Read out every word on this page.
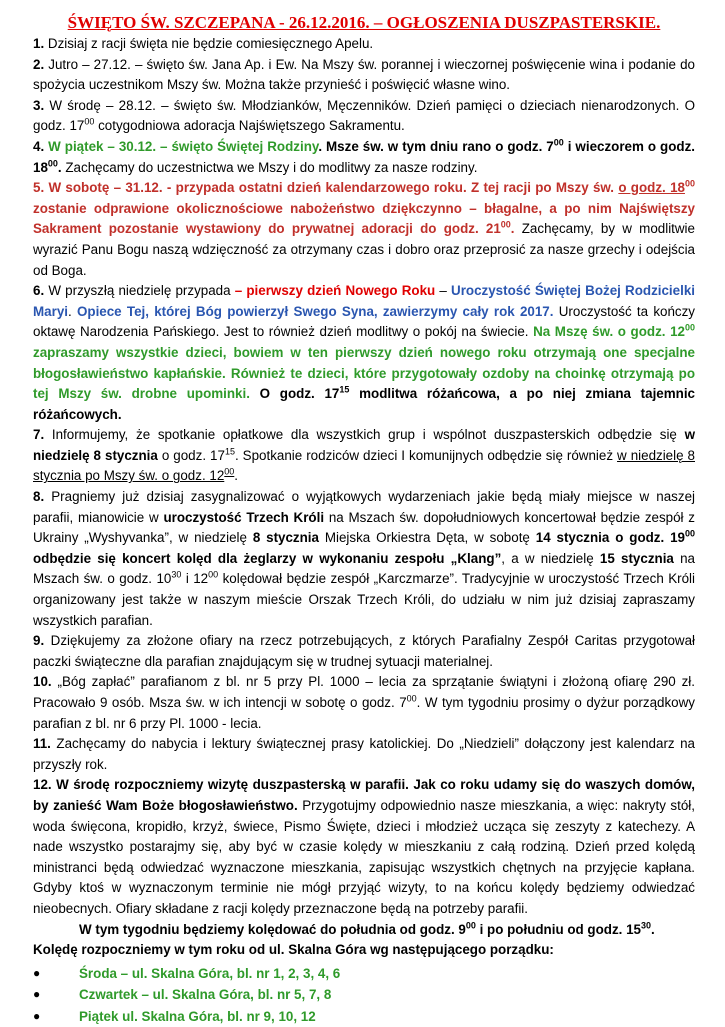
ŚWIĘTO ŚW. SZCZEPANA - 26.12.2016. – OGŁOSZENIA DUSZPASTERSKIE.

1. Dzisiaj z racji święta nie będzie comiesięcznego Apelu.

2. Jutro – 27.12. – święto św. Jana Ap. i Ew. Na Mszy św. porannej i wieczornej poświęcenie wina i podanie do spożycia uczestnikom Mszy św. Można także przynieść i poświęcić własne wino.

3. W środę – 28.12. – święto św. Młodzianków, Męczenników. Dzień pamięci o dzieciach nienarodzonych. O godz. $17^{00}$ cotygodniowa adoracja Najświętszego Sakramentu.

4. W piątek – 30.12. – święto Świętej Rodziny. Msze św. w tym dniu rano o godz. $7^{00}$ i wieczorem o godz. $18^{00}$. Zachęcamy do uczestnictwa we Mszy i do modlitwy za nasze rodziny.

5. W sobotę – 31.12. - przypada ostatni dzień kalendarzowego roku. Z tej racji po Mszy św. o godz. $18^{00}$ zostanie odprawione okolicznościowe nabożeństwo dziękczynno – błagalne, a po nim Najświętszy Sakrament pozostanie wystawiony do prywatnej adoracji do godz. $21^{00}$. Zachęcamy, by w modlitwie wyrazić Panu Bogu naszą wdzięczność za otrzymany czas i dobro oraz przeprosić za nasze grzechy i odejścia od Boga.

6. W przyszłą niedzielę przypada – pierwszy dzień Nowego Roku – Uroczystość Świętej Bożej Rodzicielki Maryi. Opiece Tej, której Bóg powierzył Swego Syna, zawierzymy cały rok 2017. Uroczystość ta kończy oktawę Narodzenia Pańskiego. Jest to również dzień modlitwy o pokój na świecie. Na Mszę św. o godz. $12^{00}$ zapraszamy wszystkie dzieci, bowiem w ten pierwszy dzień nowego roku otrzymają one specjalne błogosławieństwo kapłańskie. Również te dzieci, które przygotowały ozdoby na choinkę otrzymają po tej Mszy św. drobne upominki. O godz. $17^{15}$ modlitwa różańcowa, a po niej zmiana tajemnic różańcowych.

7. Informujemy, że spotkanie opłatkowe dla wszystkich grup i wspólnot duszpasterskich odbędzie się w niedzielę 8 stycznia o godz. $17^{15}$. Spotkanie rodziców dzieci I komunijnych odbędzie się również w niedzielę 8 stycznia po Mszy św. o godz. $12^{00}$.

8. Pragniemy już dzisiaj zasygnalizować o wyjątkowych wydarzeniach jakie będą miały miejsce w naszej parafii, mianowicie w uroczystość Trzech Króli na Mszach św. dopołudniowych koncertował będzie zespół z Ukrainy „Wyshyvanka”, w niedzielę 8 stycznia Miejska Orkiestra Dęta, w sobotę 14 stycznia o godz. $19^{00}$ odbędzie się koncert kolęd dla żeglarzy w wykonaniu zespołu „Klang”, a w niedzielę 15 stycznia na Mszach św. o godz. $10^{30}$ i $12^{00}$ kolędował będzie zespół „Karczmarze”. Tradycyjnie w uroczystość Trzech Króli organizowany jest także w naszym mieście Orszak Trzech Króli, do udziału w nim już dzisiaj zapraszamy wszystkich parafian.

9. Dziękujemy za złożone ofiary na rzecz potrzebujących, z których Parafialny Zespół Caritas przygotował paczki świąteczne dla parafian znajdującym się w trudnej sytuacji materialnej.

10. „Bóg zapłać” parafianom z bl. nr 5 przy Pl. 1000 – lecia za sprzątanie świątyni i złożoną ofiarę 290 zł. Pracowało 9 osób. Msza św. w ich intencji w sobotę o godz. $7^{00}$. W tym tygodniu prosimy o dyżur porządkowy parafian z bl. nr 6 przy Pl. 1000 - lecia.

11. Zachęcamy do nabycia i lektury świątecznej prasy katolickiej. Do „Niedzieli” dołączony jest kalendarz na przyszły rok.

12. W środę rozpoczniemy wizytę duszpasterską w parafii. Jak co roku udamy się do waszych domów, by zanieść Wam Boże błogosławieństwo. Przygotujmy odpowiednio nasze mieszkania, a więc: nakryty stół, woda święcona, kropidło, krzyż, świece, Pismo Święte, dzieci i młodzież ucząca się zeszyty z katechezy. A nade wszystko postarajmy się, aby być w czasie kolędy w mieszkaniu z całą rodziną. Dzień przed kolędą ministranci będą odwiedzać wyznaczone mieszkania, zapisując wszystkich chętnych na przyjęcie kapłana. Gdyby ktoś w wyznaczonym terminie nie mógł przyjąć wizyty, to na końcu kolędy będziemy odwiedzać nieobecnych. Ofiary składane z racji kolędy przeznaczone będą na potrzeby parafii.

W tym tygodniu będziemy kolędować do południa od godz. $9^{00}$ i po południu od godz. $15^{30}$.
Kolędę rozpoczniemy w tym roku od ul. Skalna Góra wg następującego porządku:

●	Środa – ul. Skalna Góra, bl. nr 1, 2, 3, 4, 6
●	Czwartek – ul. Skalna Góra, bl. nr 5, 7, 8
●	Piątek ul. Skalna Góra, bl. nr 9, 10, 12
